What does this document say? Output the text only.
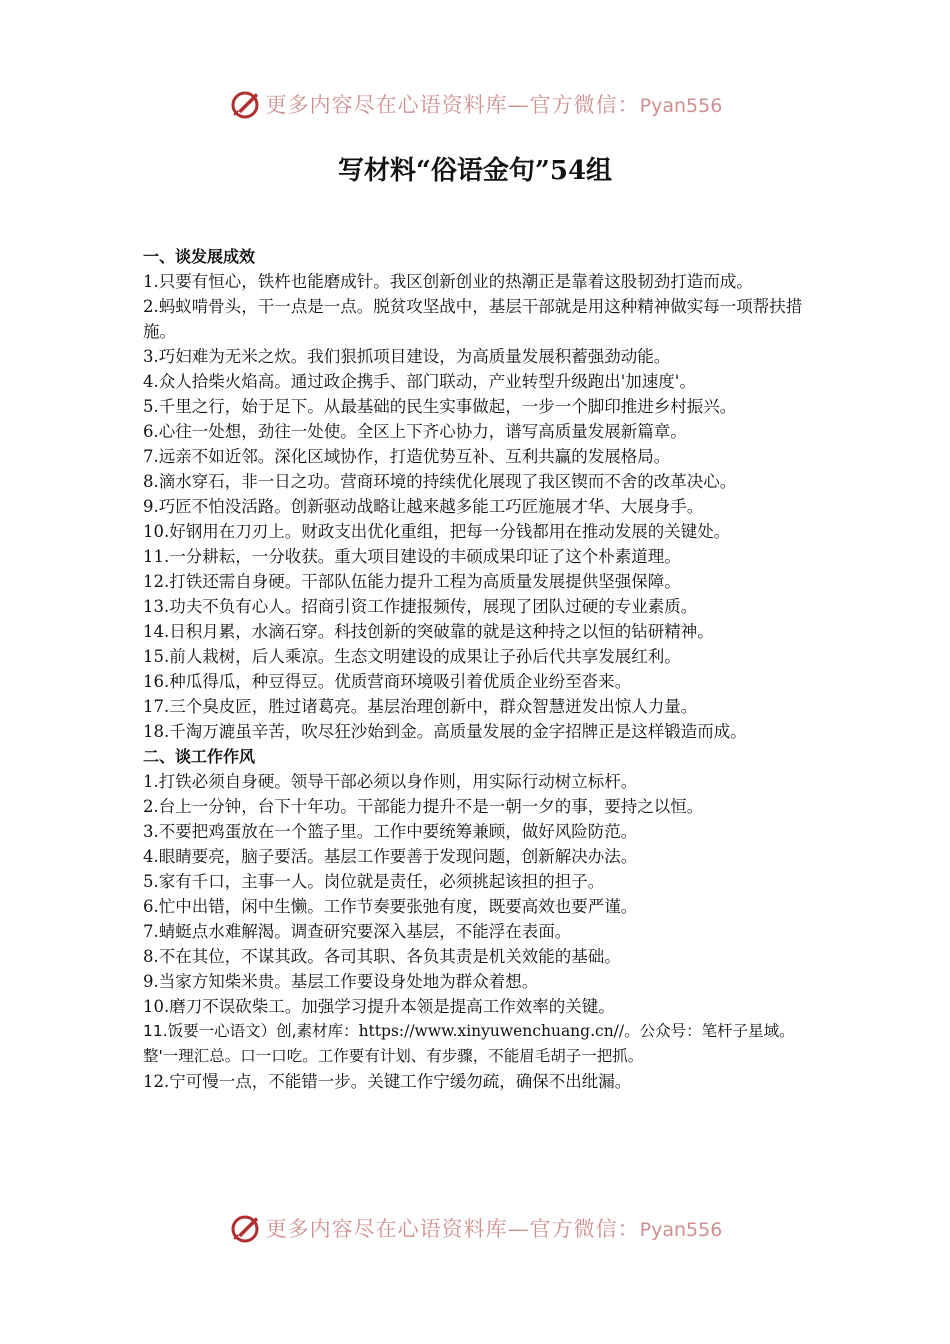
更多内容尽在心语资料库—官方微信：Pyan556
写材料“俗语金句”54组
一、谈发展成效

1.只要有恒心，铁杵也能磨成针。我区创新创业的热潮正是靠着这股韧劲打造而成。

2.蚂蚁啃骨头，干一点是一点。脱贫攻坚战中，基层干部就是用这种精神做实每一项帮扶措施。

3.巧妇难为无米之炊。我们狠抓项目建设，为高质量发展积蓄强劲动能。

4.众人拾柴火焰高。通过政企携手、部门联动，产业转型升级跑出'加速度'。

5.千里之行，始于足下。从最基础的民生实事做起，一步一个脚印推进乡村振兴。

6.心往一处想，劲往一处使。全区上下齐心协力，谱写高质量发展新篇章。

7.远亲不如近邻。深化区域协作，打造优势互补、互利共赢的发展格局。

8.滴水穿石，非一日之功。营商环境的持续优化展现了我区锲而不舍的改革决心。

9.巧匠不怕没活路。创新驱动战略让越来越多能工巧匠施展才华、大展身手。

10.好钢用在刀刃上。财政支出优化重组，把每一分钱都用在推动发展的关键处。

11.一分耕耘，一分收获。重大项目建设的丰硕成果印证了这个朴素道理。

12.打铁还需自身硬。干部队伍能力提升工程为高质量发展提供坚强保障。

13.功夫不负有心人。招商引资工作捷报频传，展现了团队过硬的专业素质。

14.日积月累，水滴石穿。科技创新的突破靠的就是这种持之以恒的钻研精神。

15.前人栽树，后人乘凉。生态文明建设的成果让子孙后代共享发展红利。

16.种瓜得瓜，种豆得豆。优质营商环境吸引着优质企业纷至沓来。

17.三个臭皮匠，胜过诸葛亮。基层治理创新中，群众智慧迸发出惊人力量。

18.千淘万漉虽辛苦，吹尽狂沙始到金。高质量发展的金字招牌正是这样锻造而成。

二、谈工作作风

1.打铁必须自身硬。领导干部必须以身作则，用实际行动树立标杆。

2.台上一分钟，台下十年功。干部能力提升不是一朝一夕的事，要持之以恒。

3.不要把鸡蛋放在一个篮子里。工作中要统筹兼顾，做好风险防范。

4.眼睛要亮，脑子要活。基层工作要善于发现问题，创新解决办法。

5.家有千口，主事一人。岗位就是责任，必须挑起该担的担子。

6.忙中出错，闲中生懒。工作节奏要张弛有度，既要高效也要严谨。

7.蜻蜓点水难解渴。调查研究要深入基层，不能浮在表面。

8.不在其位，不谋其政。各司其职、各负其责是机关效能的基础。

9.当家方知柴米贵。基层工作要设身处地为群众着想。

10.磨刀不误砍柴工。加强学习提升本领是提高工作效率的关键。

11.饭要一心语文）创,素材库：https://www.xinyuwenchuang.cn//。公众号：笔杆子星域。整'一理汇总。口一口吃。工作要有计划、有步骤，不能眉毛胡子一把抓。

12.宁可慢一点，不能错一步。关键工作宁缓勿疏，确保不出纰漏。

更多内容尽在心语资料库—官方微信：Pyan556
